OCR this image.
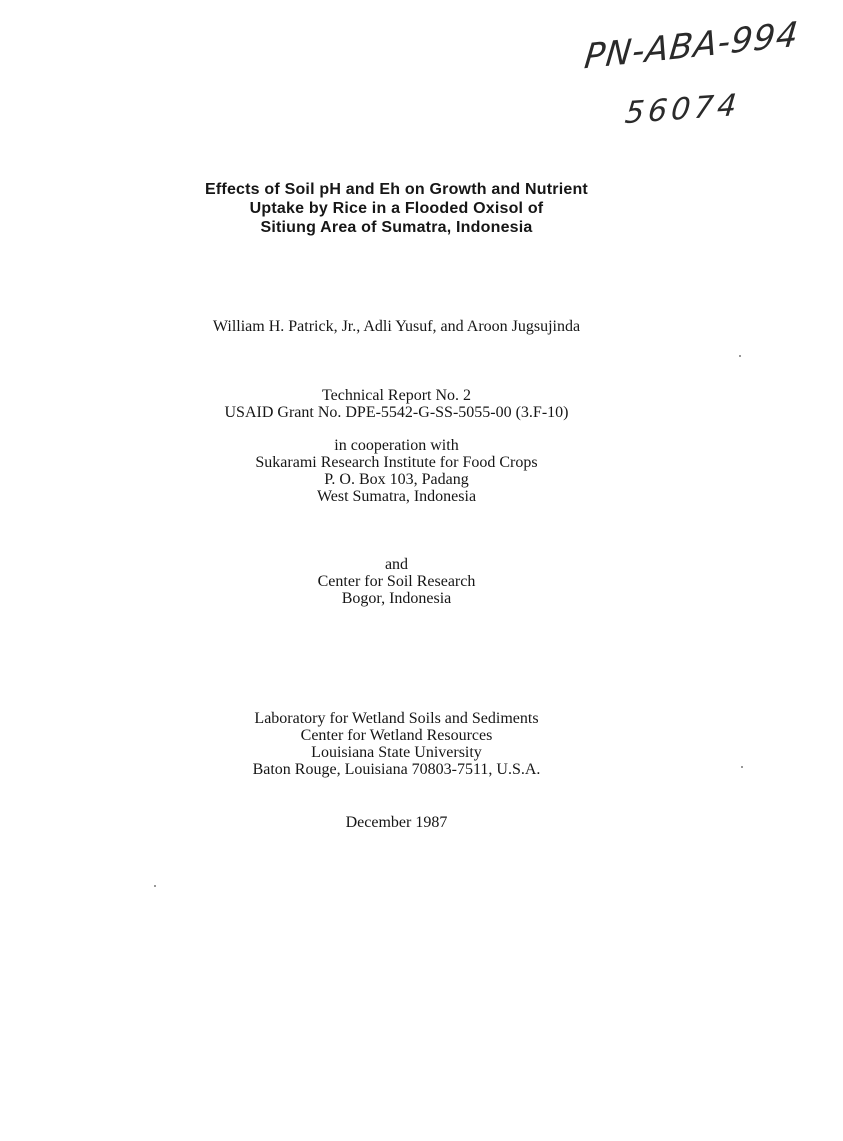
PN-ABA-994
56074
Effects of Soil pH and Eh on Growth and Nutrient
Uptake by Rice in a Flooded Oxisol of
Sitiung Area of Sumatra, Indonesia
William H. Patrick, Jr., Adli Yusuf, and Aroon Jugsujinda
Technical Report No. 2
USAID Grant No. DPE-5542-G-SS-5055-00 (3.F-10)
in cooperation with
Sukarami Research Institute for Food Crops
P. O. Box 103, Padang
West Sumatra, Indonesia
and
Center for Soil Research
Bogor, Indonesia
Laboratory for Wetland Soils and Sediments
Center for Wetland Resources
Louisiana State University
Baton Rouge, Louisiana 70803-7511, U.S.A.
December 1987
